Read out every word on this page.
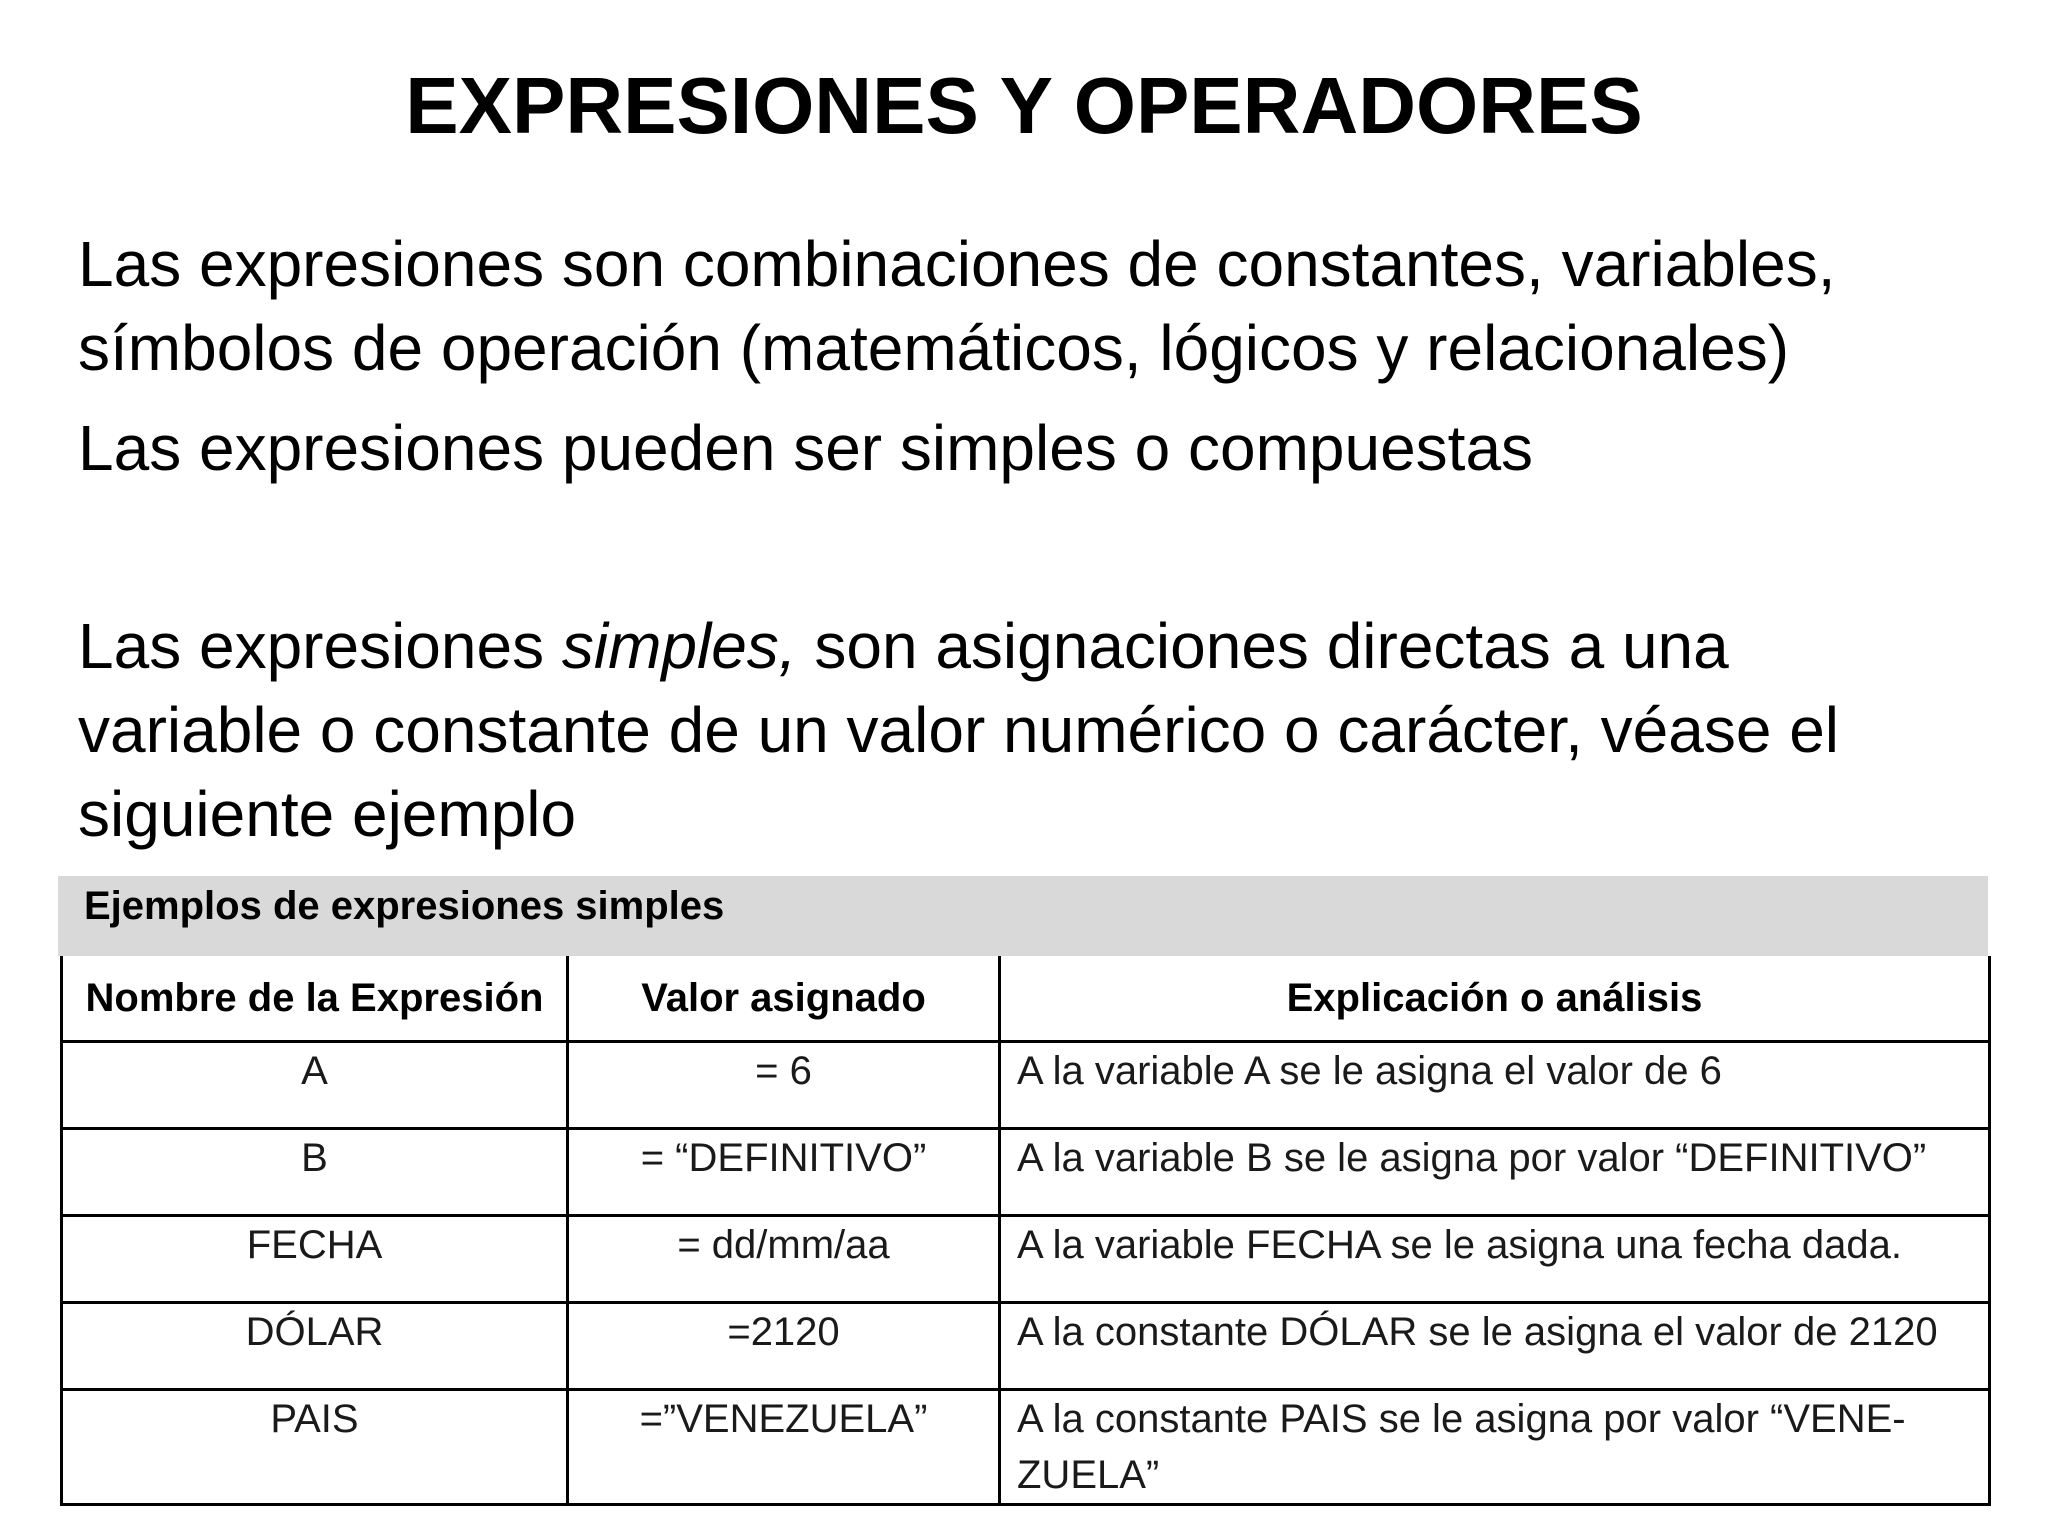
EXPRESIONES Y OPERADORES

Las expresiones son combinaciones de constantes, variables,
símbolos de operación (matemáticos, lógicos y relacionales)

Las expresiones pueden ser simples o compuestas

Las expresiones simples, son asignaciones directas a una
variable o constante de un valor numérico o carácter, véase el
siguiente ejemplo

Ejemplos de expresiones simples
Nombre de la Expresión	Valor asignado	Explicación o análisis
A	= 6	A la variable A se le asigna el valor de 6
B	= “DEFINITIVO”	A la variable B se le asigna por valor “DEFINITIVO”
FECHA	= dd/mm/aa	A la variable FECHA se le asigna una fecha dada.
DÓLAR	=2120	A la constante DÓLAR se le asigna el valor de 2120
PAIS	=”VENEZUELA”	A la constante PAIS se le asigna por valor “VENE-ZUELA”
